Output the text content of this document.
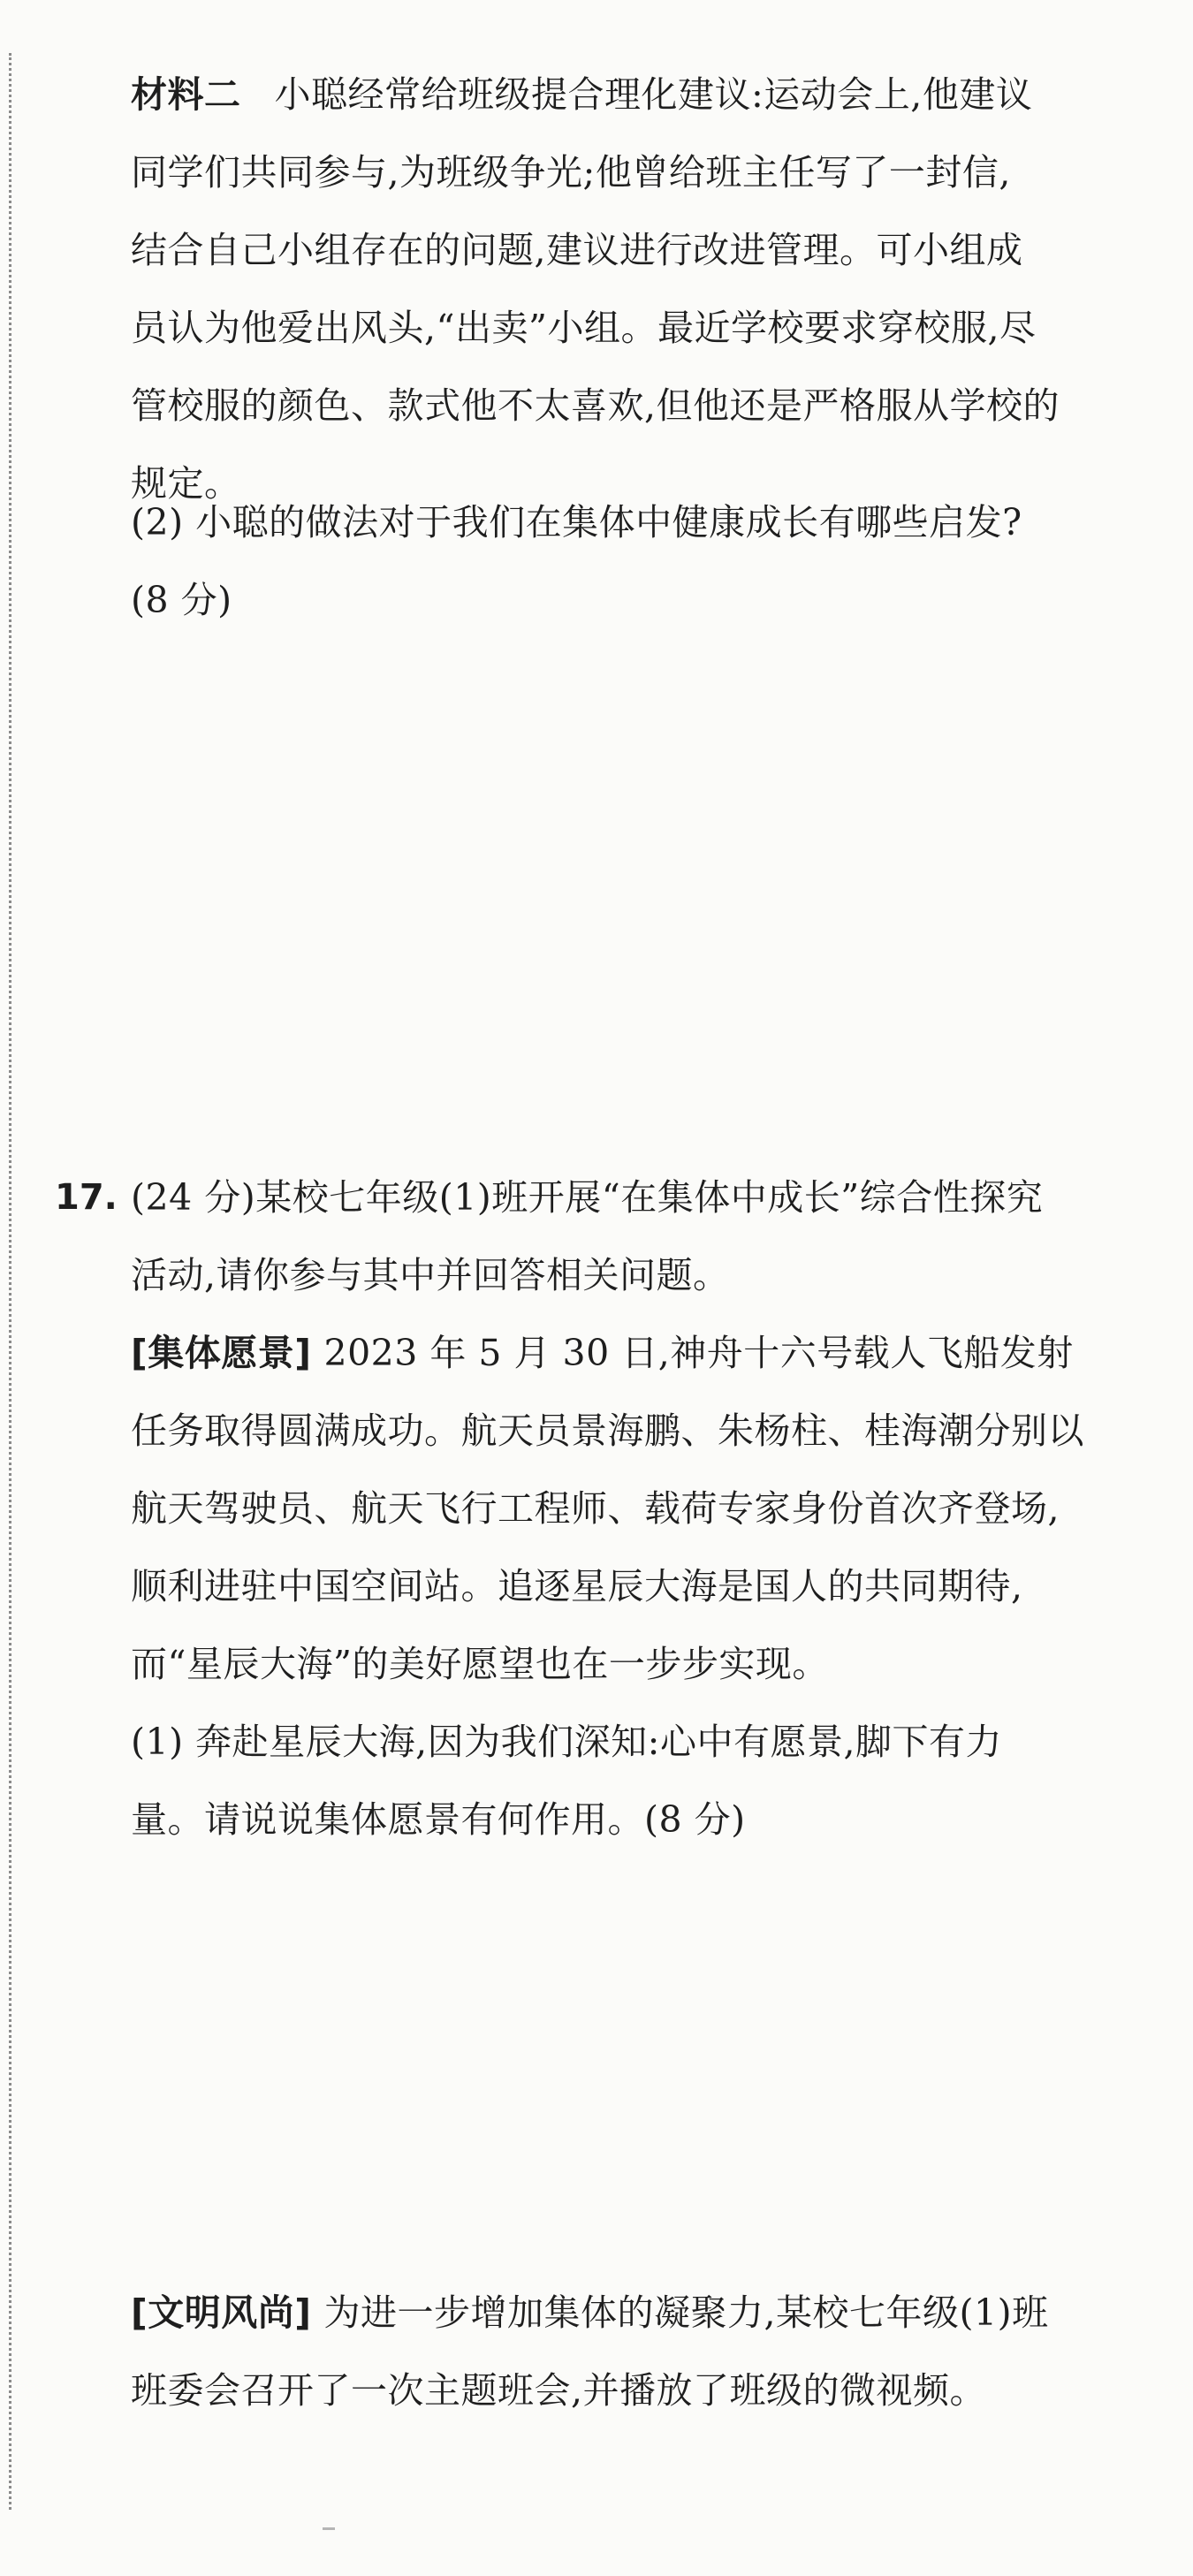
材料二 小聪经常给班级提合理化建议:运动会上,他建议
同学们共同参与,为班级争光;他曾给班主任写了一封信,
结合自己小组存在的问题,建议进行改进管理。可小组成
员认为他爱出风头,“出卖”小组。最近学校要求穿校服,尽
管校服的颜色、款式他不太喜欢,但他还是严格服从学校的
规定。
(2) 小聪的做法对于我们在集体中健康成长有哪些启发?
(8 分)
17. (24 分)某校七年级(1)班开展“在集体中成长”综合性探究
活动,请你参与其中并回答相关问题。
[集体愿景] 2023 年 5 月 30 日,神舟十六号载人飞船发射
任务取得圆满成功。航天员景海鹏、朱杨柱、桂海潮分别以
航天驾驶员、航天飞行工程师、载荷专家身份首次齐登场,
顺利进驻中国空间站。追逐星辰大海是国人的共同期待,
而“星辰大海”的美好愿望也在一步步实现。
(1) 奔赴星辰大海,因为我们深知:心中有愿景,脚下有力
量。请说说集体愿景有何作用。(8 分)
[文明风尚] 为进一步增加集体的凝聚力,某校七年级(1)班
班委会召开了一次主题班会,并播放了班级的微视频。
